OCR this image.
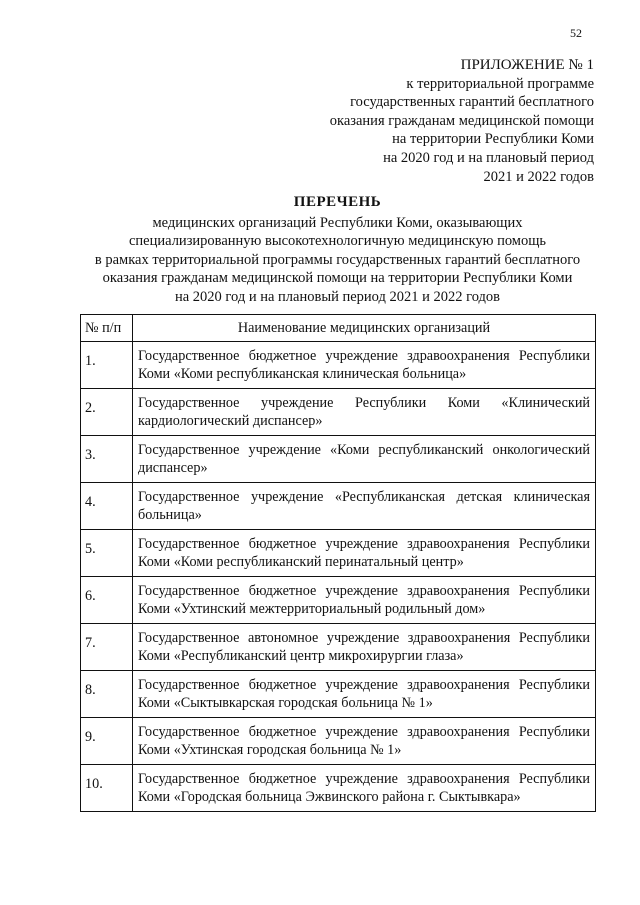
52
ПРИЛОЖЕНИЕ № 1
к территориальной программе
государственных гарантий бесплатного
оказания гражданам медицинской помощи
на территории Республики Коми
на 2020 год и на плановый период
2021 и 2022 годов
ПЕРЕЧЕНЬ
медицинских организаций Республики Коми, оказывающих
специализированную высокотехнологичную медицинскую помощь
в рамках территориальной программы государственных гарантий бесплатного
оказания гражданам медицинской помощи на территории Республики Коми
на 2020 год и на плановый период 2021 и 2022 годов
№ п/п	Наименование медицинских организаций
1.	Государственное бюджетное учреждение здравоохранения Республики Коми «Коми республиканская клиническая больница»
2.	Государственное учреждение Республики Коми «Клинический кардиологический диспансер»
3.	Государственное учреждение «Коми республиканский онкологический диспансер»
4.	Государственное учреждение «Республиканская детская клиническая больница»
5.	Государственное бюджетное учреждение здравоохранения Республики Коми «Коми республиканский перинатальный центр»
6.	Государственное бюджетное учреждение здравоохранения Республики Коми «Ухтинский межтерриториальный родильный дом»
7.	Государственное автономное учреждение здравоохранения Республики Коми «Республиканский центр микрохирургии глаза»
8.	Государственное бюджетное учреждение здравоохранения Республики Коми «Сыктывкарская городская больница № 1»
9.	Государственное бюджетное учреждение здравоохранения Республики Коми «Ухтинская городская больница № 1»
10.	Государственное бюджетное учреждение здравоохранения Республики Коми «Городская больница Эжвинского района г. Сыктывкара»
